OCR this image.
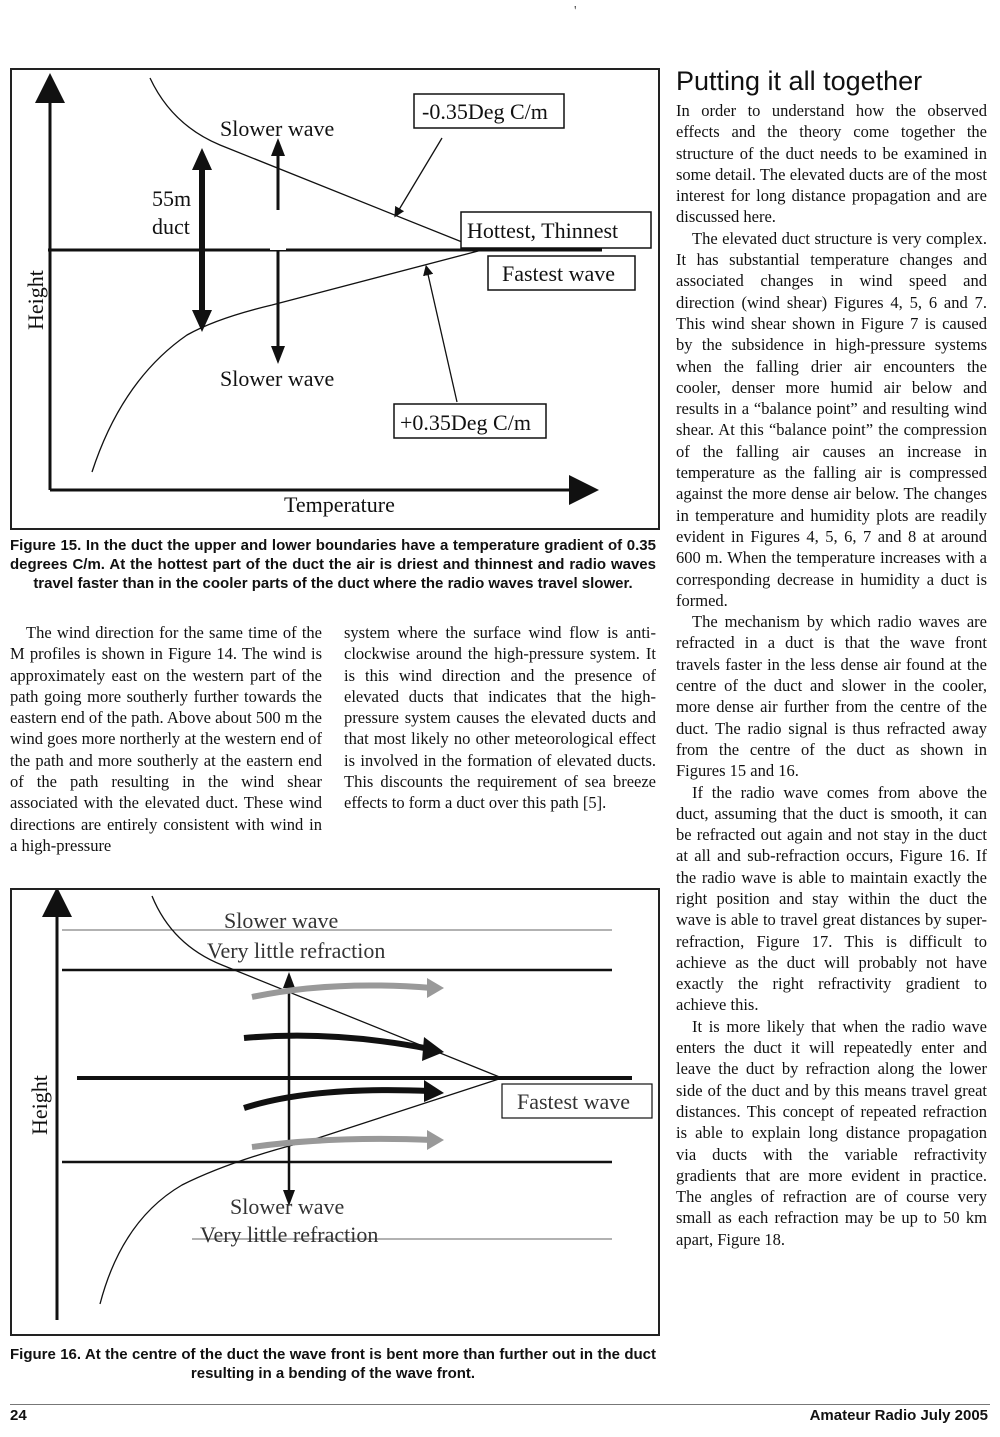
'
Slower wave
Slower wave
55m
duct
-0.35Deg C/m
Hottest, Thinnest
Fastest wave
+0.35Deg C/m
Temperature
Height
Figure 15. In the duct the upper and lower boundaries have a temperature gradient of 0.35 degrees C/m. At the hottest part of the duct the air is driest and thinnest and radio waves travel faster than in the cooler parts of the duct where the radio waves travel slower.

The wind direction for the same time of the M profiles is shown in Figure 14. The wind is approximately east on the western part of the path going more southerly further towards the eastern end of the path. Above about 500 m the wind goes more northerly at the western end of the path and more southerly at the eastern end of the path resulting in the wind shear associated with the elevated duct. These wind directions are entirely consistent with wind in a high-pressure

system where the surface wind flow is anti-clockwise around the high-pressure system. It is this wind direction and the presence of elevated ducts that indicates that the high-pressure system causes the elevated ducts and that most likely no other meteorological effect is involved in the formation of elevated ducts. This discounts the requirement of sea breeze effects to form a duct over this path [5].

Slower wave
Very little refraction
Fastest wave
Slower wave
Very little refraction
Height
Figure 16. At the centre of the duct the wave front is bent more than further out in the duct resulting in a bending of the wave front.
Putting it all together

In order to understand how the observed effects and the theory come together the structure of the duct needs to be examined in some detail. The elevated ducts are of the most interest for long distance propagation and are discussed here.

The elevated duct structure is very complex. It has substantial temperature changes and associated changes in wind speed and direction (wind shear) Figures 4, 5, 6 and 7. This wind shear shown in Figure 7 is caused by the subsidence in high-pressure systems when the falling drier air encounters the cooler, denser more humid air below and results in a “balance point” and resulting wind shear. At this “balance point” the compression of the falling air causes an increase in temperature as the falling air is compressed against the more dense air below. The changes in temperature and humidity plots are readily evident in Figures 4, 5, 6, 7 and 8 at around 600 m. When the temperature increases with a corresponding decrease in humidity a duct is formed.

The mechanism by which radio waves are refracted in a duct is that the wave front travels faster in the less dense air found at the centre of the duct and slower in the cooler, more dense air further from the centre of the duct. The radio signal is thus refracted away from the centre of the duct as shown in Figures 15 and 16.

If the radio wave comes from above the duct, assuming that the duct is smooth, it can be refracted out again and not stay in the duct at all and sub-refraction occurs, Figure 16. If the radio wave is able to maintain exactly the right position and stay within the duct the wave is able to travel great distances by super-refraction, Figure 17. This is difficult to achieve as the duct will probably not have exactly the right refractivity gradient to achieve this.

It is more likely that when the radio wave enters the duct it will repeatedly enter and leave the duct by refraction along the lower side of the duct and by this means travel great distances. This concept of repeated refraction is able to explain long distance propagation via ducts with the variable refractivity gradients that are more evident in practice. The angles of refraction are of course very small as each refraction may be up to 50 km apart, Figure 18.

24	Amateur Radio July 2005
